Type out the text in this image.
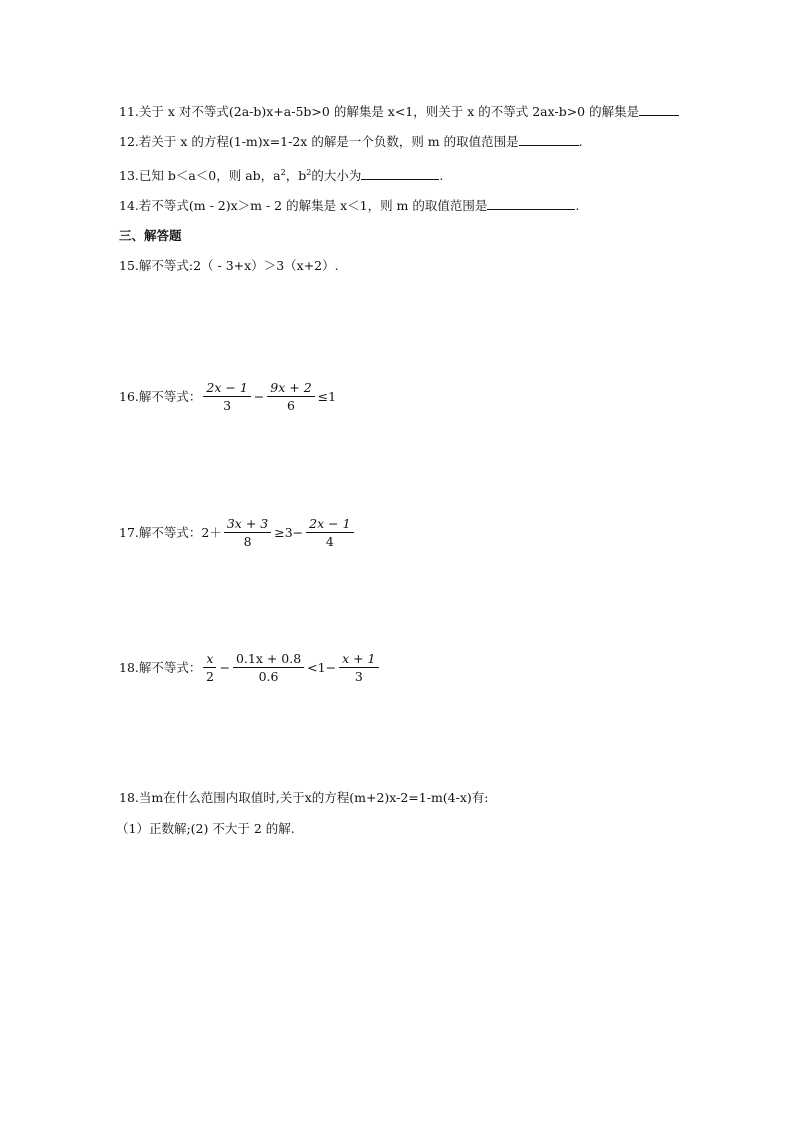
11.关于 x 对不等式(2a-b)x+a-5b>0 的解集是 x<1，则关于 x 的不等式 2ax-b>0 的解集是
12.若关于 x 的方程(1-m)x=1-2x 的解是一个负数，则 m 的取值范围是	.
13.已知 b＜a＜0，则 ab，$a^2$，$b^2$的大小为	.
14.若不等式(m - 2)x＞m - 2 的解集是 x＜1，则 m 的取值范围是	.
三、解答题
15.解不等式:2（ - 3+x）＞3（x+2）.
16.解不等式： $\frac{2x - 1}{3} - \frac{9x + 2}{6} \le 1$
17.解不等式： $2+ \frac{3x + 3}{8} \ge 3- \frac{2x - 1}{4}$
18.解不等式： $\frac{x}{2} - \frac{0.1x + 0.8}{0.6} <1- \frac{x + 1}{3}$
18.当m在什么范围内取值时,关于x的方程(m+2)x-2=1-m(4-x)有:
（1）正数解;(2) 不大于 2 的解.
